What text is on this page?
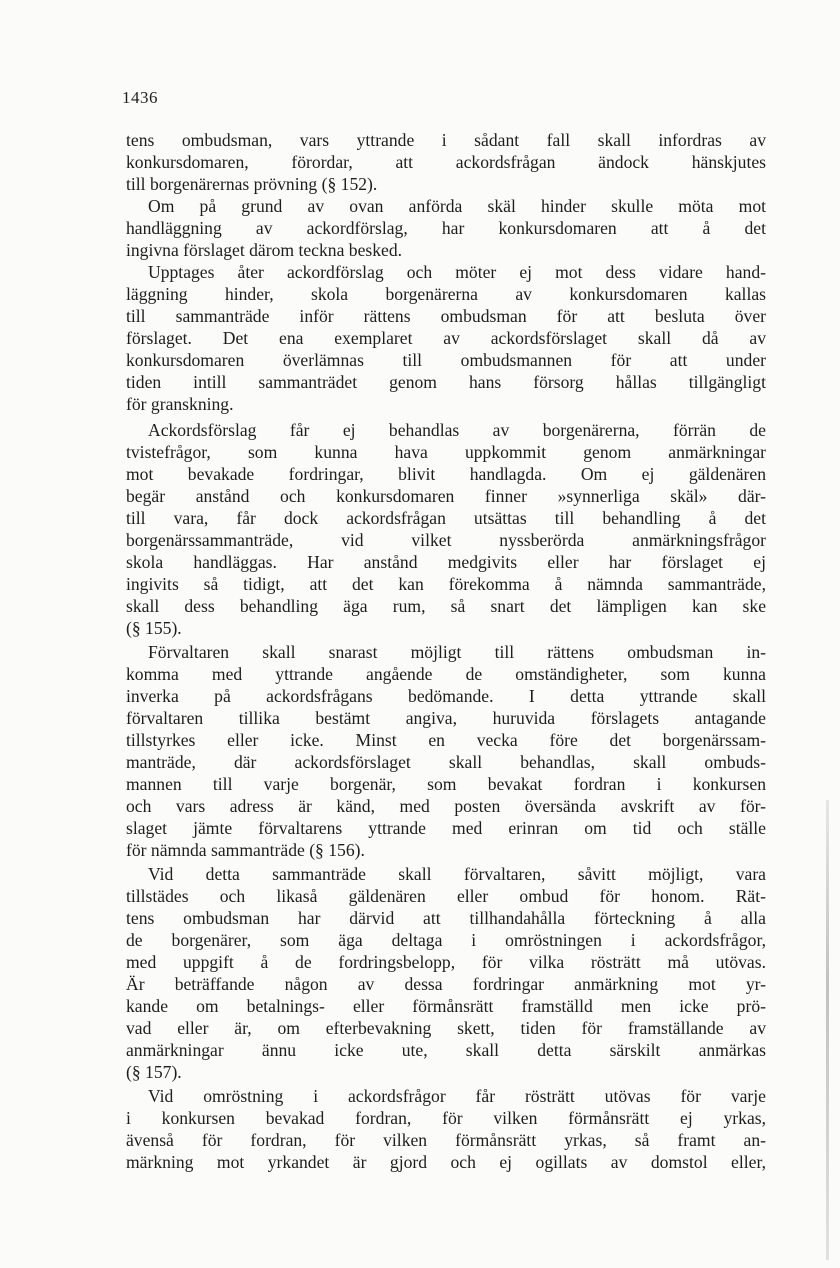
1436
tens ombudsman, vars yttrande i sådant fall skall infordras av
konkursdomaren, förordar, att ackordsfrågan ändock hänskjutes
till borgenärernas prövning (§ 152).
Om på grund av ovan anförda skäl hinder skulle möta mot
handläggning av ackordförslag, har konkursdomaren att å det
ingivna förslaget därom teckna besked.
Upptages åter ackordförslag och möter ej mot dess vidare hand-
läggning hinder, skola borgenärerna av konkursdomaren kallas
till sammanträde inför rättens ombudsman för att besluta över
förslaget. Det ena exemplaret av ackordsförslaget skall då av
konkursdomaren överlämnas till ombudsmannen för att under
tiden intill sammanträdet genom hans försorg hållas tillgängligt
för granskning.
Ackordsförslag får ej behandlas av borgenärerna, förrän de
tvistefrågor, som kunna hava uppkommit genom anmärkningar
mot bevakade fordringar, blivit handlagda. Om ej gäldenären
begär anstånd och konkursdomaren finner »synnerliga skäl» där-
till vara, får dock ackordsfrågan utsättas till behandling å det
borgenärssammanträde, vid vilket nyssberörda anmärkningsfrågor
skola handläggas. Har anstånd medgivits eller har förslaget ej
ingivits så tidigt, att det kan förekomma å nämnda sammanträde,
skall dess behandling äga rum, så snart det lämpligen kan ske
(§ 155).
Förvaltaren skall snarast möjligt till rättens ombudsman in-
komma med yttrande angående de omständigheter, som kunna
inverka på ackordsfrågans bedömande. I detta yttrande skall
förvaltaren tillika bestämt angiva, huruvida förslagets antagande
tillstyrkes eller icke. Minst en vecka före det borgenärssam-
manträde, där ackordsförslaget skall behandlas, skall ombuds-
mannen till varje borgenär, som bevakat fordran i konkursen
och vars adress är känd, med posten översända avskrift av för-
slaget jämte förvaltarens yttrande med erinran om tid och ställe
för nämnda sammanträde (§ 156).
Vid detta sammanträde skall förvaltaren, såvitt möjligt, vara
tillstädes och likaså gäldenären eller ombud för honom. Rät-
tens ombudsman har därvid att tillhandahålla förteckning å alla
de borgenärer, som äga deltaga i omröstningen i ackordsfrågor,
med uppgift å de fordringsbelopp, för vilka rösträtt må utövas.
Är beträffande någon av dessa fordringar anmärkning mot yr-
kande om betalnings- eller förmånsrätt framställd men icke prö-
vad eller är, om efterbevakning skett, tiden för framställande av
anmärkningar ännu icke ute, skall detta särskilt anmärkas
(§ 157).
Vid omröstning i ackordsfrågor får rösträtt utövas för varje
i konkursen bevakad fordran, för vilken förmånsrätt ej yrkas,
ävenså för fordran, för vilken förmånsrätt yrkas, så framt an-
märkning mot yrkandet är gjord och ej ogillats av domstol eller,
